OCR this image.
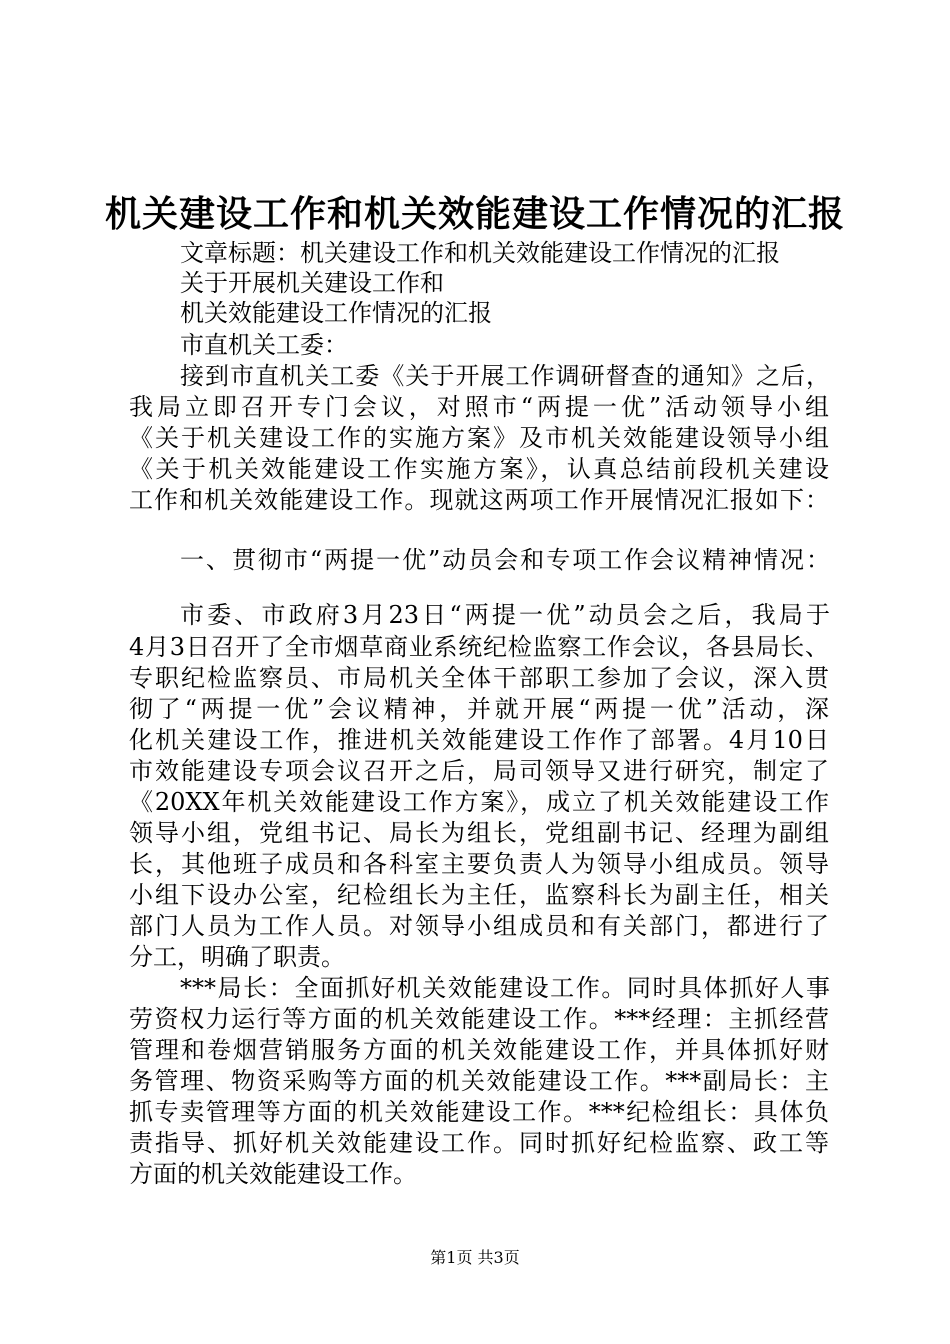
机关建设工作和机关效能建设工作情况的汇报
文章标题：机关建设工作和机关效能建设工作情况的汇报
关于开展机关建设工作和
机关效能建设工作情况的汇报
市直机关工委：
接到市直机关工委《关于开展工作调研督查的通知》之后，
我局立即召开专门会议，对照市“两提一优”活动领导小组
《关于机关建设工作的实施方案》及市机关效能建设领导小组
《关于机关效能建设工作实施方案》，认真总结前段机关建设
工作和机关效能建设工作。现就这两项工作开展情况汇报如下：
一、贯彻市“两提一优”动员会和专项工作会议精神情况：
市委、市政府3月23日“两提一优”动员会之后，我局于
4月3日召开了全市烟草商业系统纪检监察工作会议，各县局长、
专职纪检监察员、市局机关全体干部职工参加了会议，深入贯
彻了“两提一优”会议精神，并就开展“两提一优”活动，深
化机关建设工作，推进机关效能建设工作作了部署。4月10日
市效能建设专项会议召开之后，局司领导又进行研究，制定了
《20XX年机关效能建设工作方案》，成立了机关效能建设工作
领导小组，党组书记、局长为组长，党组副书记、经理为副组
长，其他班子成员和各科室主要负责人为领导小组成员。领导
小组下设办公室，纪检组长为主任，监察科长为副主任，相关
部门人员为工作人员。对领导小组成员和有关部门，都进行了
分工，明确了职责。
***局长：全面抓好机关效能建设工作。同时具体抓好人事
劳资权力运行等方面的机关效能建设工作。***经理：主抓经营
管理和卷烟营销服务方面的机关效能建设工作，并具体抓好财
务管理、物资采购等方面的机关效能建设工作。***副局长：主
抓专卖管理等方面的机关效能建设工作。***纪检组长：具体负
责指导、抓好机关效能建设工作。同时抓好纪检监察、政工等
方面的机关效能建设工作。
第1页 共3页
